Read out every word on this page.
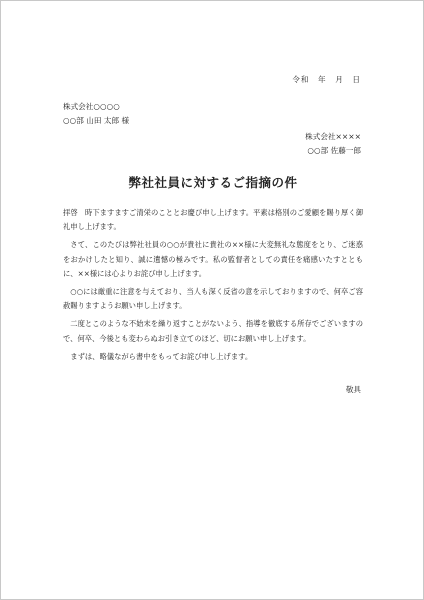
令和　年　月　日
株式会社○○○○
○○部 山田 太郎 様
株式会社××××
○○部 佐藤一郎
弊社社員に対するご指摘の件

拝啓　時下ますますご清栄のこととお慶び申し上げます。平素は格別のご愛顧を賜り厚く御礼申し上げます。

さて、このたびは弊社社員の○○が貴社に貴社の××様に大変無礼な態度をとり、ご迷惑をおかけしたと知り、誠に遺憾の極みです。私の監督者としての責任を痛感いたすとともに、××様には心よりお詫び申し上げます。

○○には厳重に注意を与えており、当人も深く反省の意を示しておりますので、何卒ご容赦賜りますようお願い申し上げます。

二度とこのような不始末を繰り返すことがないよう、指導を徹底する所存でございますので、何卒、今後とも変わらぬお引き立てのほど、切にお願い申し上げます。

まずは、略儀ながら書中をもってお詫び申し上げます。

敬具
